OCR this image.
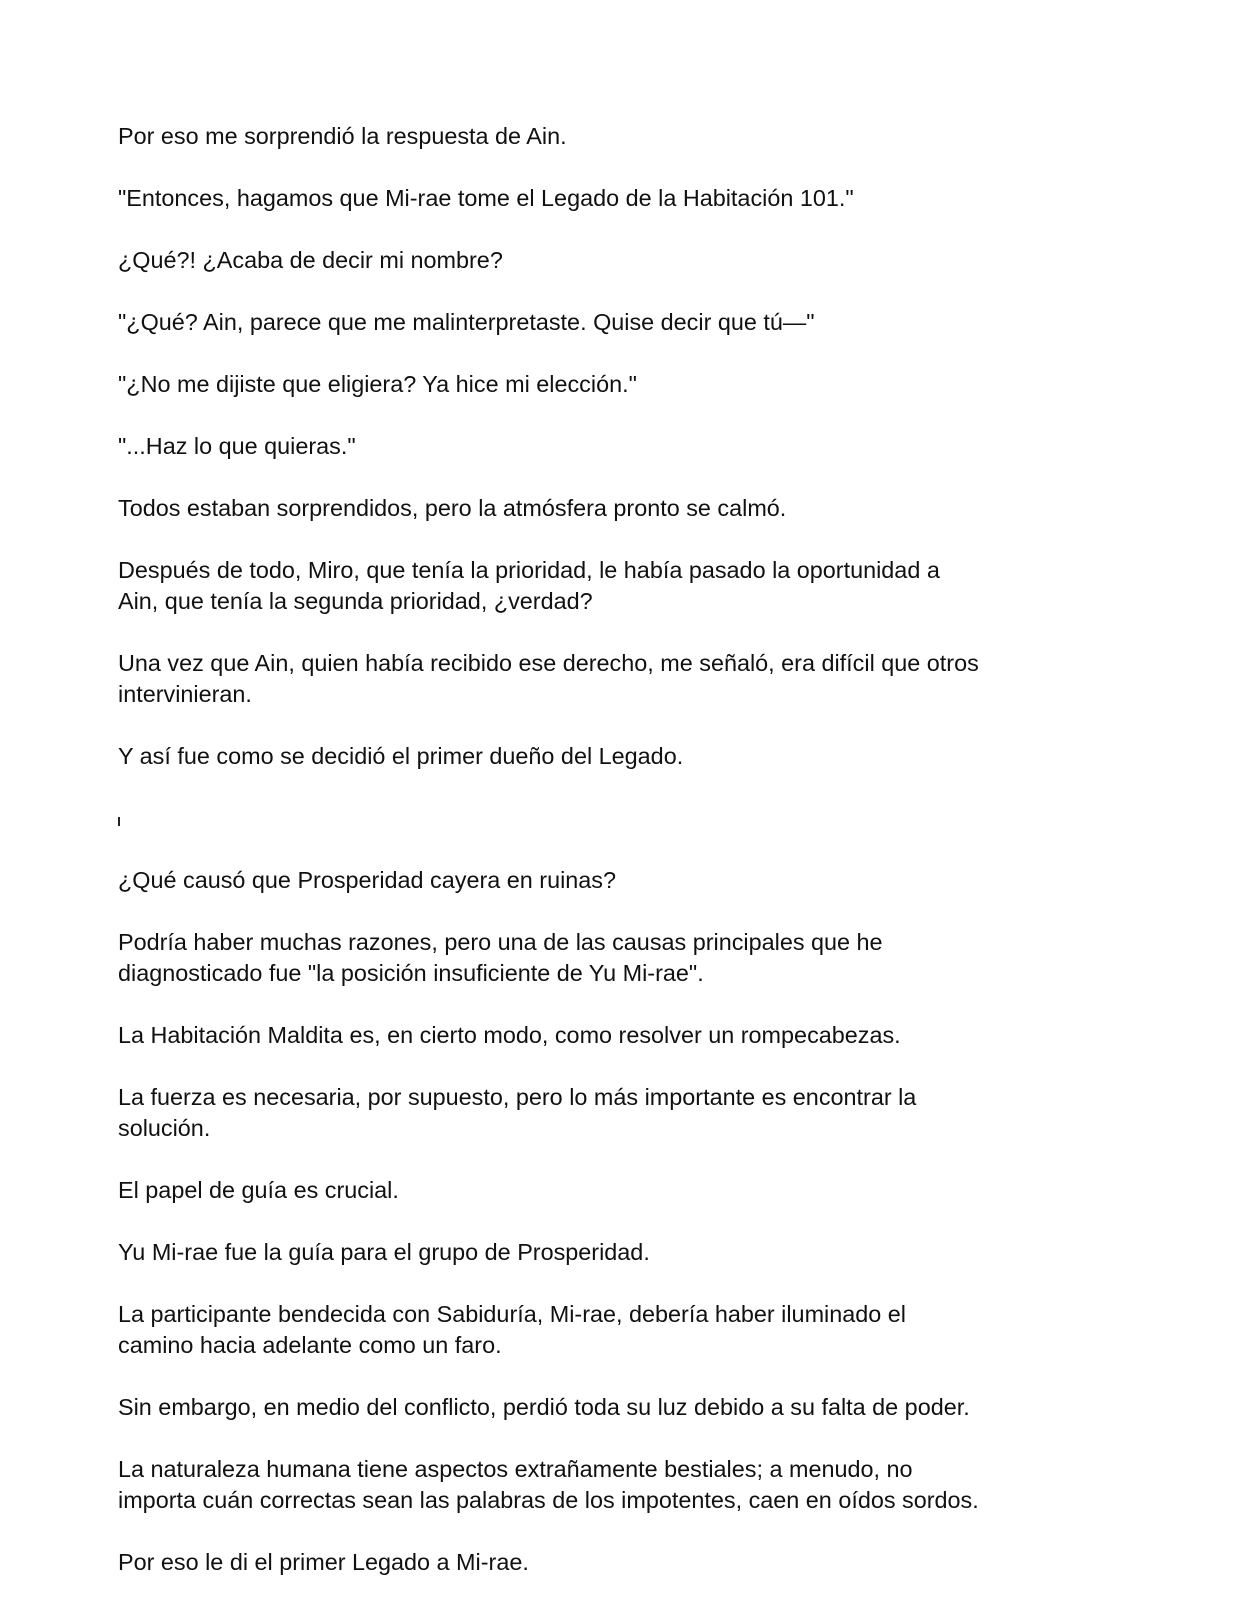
Por eso me sorprendió la respuesta de Ain.

"Entonces, hagamos que Mi-rae tome el Legado de la Habitación 101."

¿Qué?! ¿Acaba de decir mi nombre?

"¿Qué? Ain, parece que me malinterpretaste. Quise decir que tú—"

"¿No me dijiste que eligiera? Ya hice mi elección."

"...Haz lo que quieras."

Todos estaban sorprendidos, pero la atmósfera pronto se calmó.

Después de todo, Miro, que tenía la prioridad, le había pasado la oportunidad a
Ain, que tenía la segunda prioridad, ¿verdad?

Una vez que Ain, quien había recibido ese derecho, me señaló, era difícil que otros
intervinieran.

Y así fue como se decidió el primer dueño del Legado.

¿Qué causó que Prosperidad cayera en ruinas?

Podría haber muchas razones, pero una de las causas principales que he
diagnosticado fue "la posición insuficiente de Yu Mi-rae".

La Habitación Maldita es, en cierto modo, como resolver un rompecabezas.

La fuerza es necesaria, por supuesto, pero lo más importante es encontrar la
solución.

El papel de guía es crucial.

Yu Mi-rae fue la guía para el grupo de Prosperidad.

La participante bendecida con Sabiduría, Mi-rae, debería haber iluminado el
camino hacia adelante como un faro.

Sin embargo, en medio del conflicto, perdió toda su luz debido a su falta de poder.

La naturaleza humana tiene aspectos extrañamente bestiales; a menudo, no
importa cuán correctas sean las palabras de los impotentes, caen en oídos sordos.

Por eso le di el primer Legado a Mi-rae.
